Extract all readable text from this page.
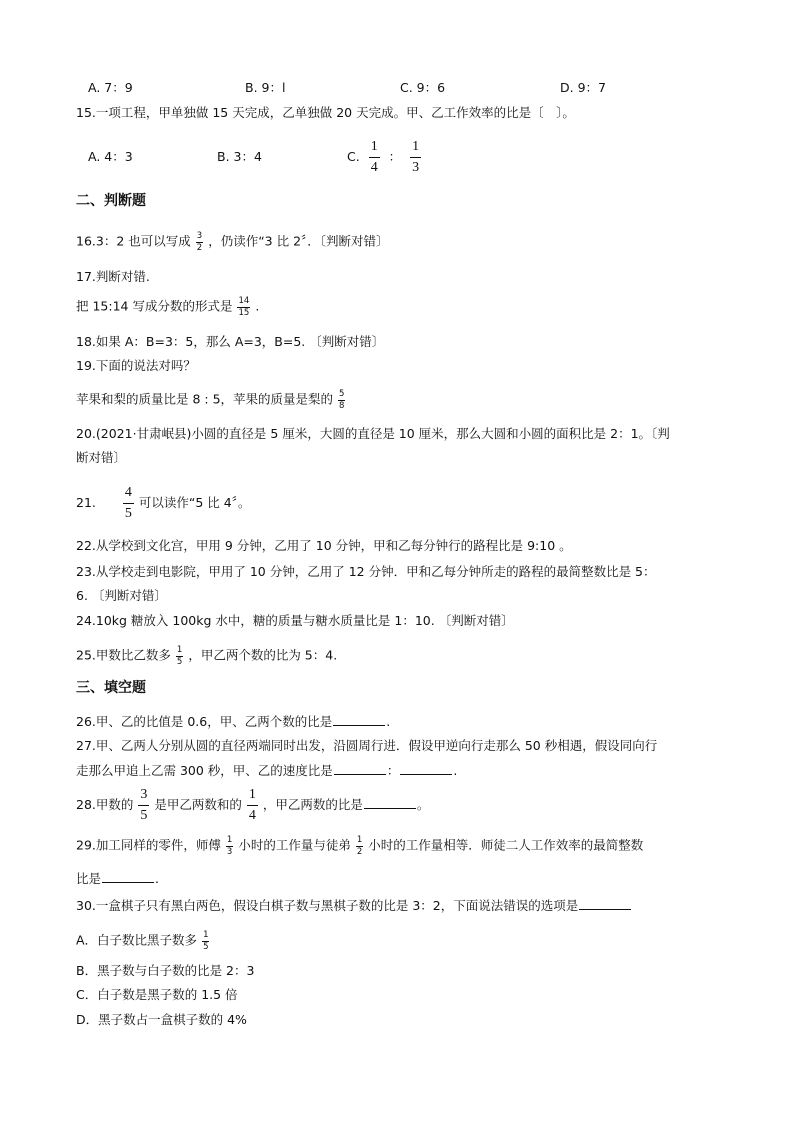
A. 7：9	B. 9：l	C. 9：6	D. 9：7
15.一项工程，甲单独做 15 天完成，乙单独做 20 天完成。甲、乙工作效率的比是〔　〕。
A. 4：3	B. 3：4	C. $\frac{1}{4}$ ： $\frac{1}{3}$
二、判断题
16.3：2 也可以写成 $\frac{3}{2}$ ，仍读作“3 比 2〞．〔判断对错〕
17.判断对错.
把 15:14 写成分数的形式是 $\frac{14}{15}$ .
18.如果 A：B=3：5，那么 A=3，B=5. 〔判断对错〕
19.下面的说法对吗？
苹果和梨的质量比是 8 : 5，苹果的质量是梨的 $\frac{5}{8}$
20.(2021·甘肃岷县)小圆的直径是 5 厘米，大圆的直径是 10 厘米，那么大圆和小圆的面积比是 2：1。〔判
断对错〕
21. $\frac{4}{5}$ 可以读作“5 比 4〞。
22.从学校到文化宫，甲用 9 分钟，乙用了 10 分钟，甲和乙每分钟行的路程比是 9:10 。
23.从学校走到电影院，甲用了 10 分钟，乙用了 12 分钟．甲和乙每分钟所走的路程的最简整数比是 5：
6. 〔判断对错〕
24.10kg 糖放入 100kg 水中，糖的质量与糖水质量比是 1：10. 〔判断对错〕
25.甲数比乙数多 $\frac{1}{5}$ ，甲乙两个数的比为 5：4.
三、填空题
26.甲、乙的比值是 0.6，甲、乙两个数的比是	.
27.甲、乙两人分别从圆的直径两端同时出发，沿圆周行进．假设甲逆向行走那么 50 秒相遇，假设同向行
走那么甲追上乙需 300 秒，甲、乙的速度比是	：	.
28.甲数的 $\frac{3}{5}$ 是甲乙两数和的 $\frac{1}{4}$ ，甲乙两数的比是	。
29.加工同样的零件，师傅 $\frac{1}{3}$ 小时的工作量与徒弟 $\frac{1}{2}$ 小时的工作量相等．师徒二人工作效率的最简整数
比是	.
30.一盒棋子只有黑白两色，假设白棋子数与黑棋子数的比是 3：2，下面说法错误的选项是
A．白子数比黑子数多 $\frac{1}{5}$
B．黑子数与白子数的比是 2：3
C．白子数是黑子数的 1.5 倍
D．黑子数占一盒棋子数的 4%
